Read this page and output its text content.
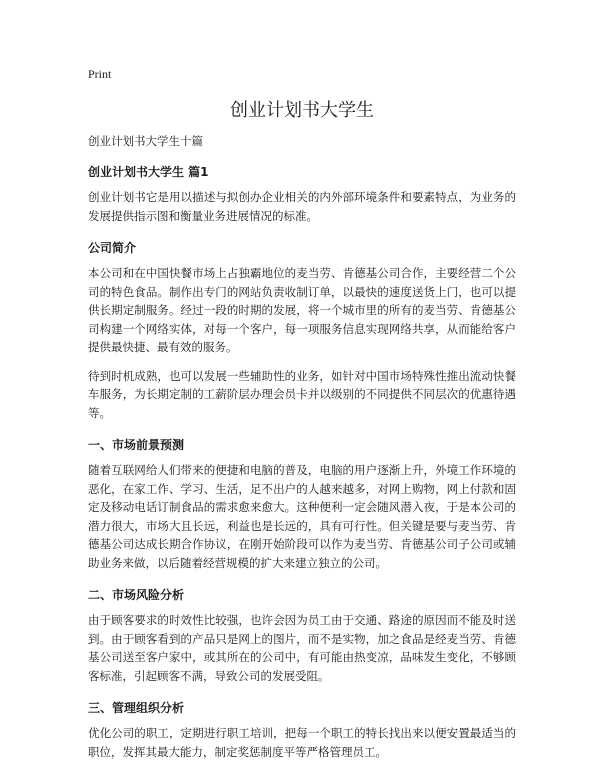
Print
创业计划书大学生
创业计划书大学生十篇
创业计划书大学生 篇1

创业计划书它是用以描述与拟创办企业相关的内外部环境条件和要素特点，为业务的发展提供指示图和衡量业务进展情况的标准。

公司简介

本公司和在中国快餐市场上占独霸地位的麦当劳、肯德基公司合作，主要经营二个公司的特色食品。制作出专门的网站负责收制订单，以最快的速度送货上门，也可以提供长期定制服务。经过一段的时期的发展，将一个城市里的所有的麦当劳、肯德基公司构建一个网络实体，对每一个客户，每一项服务信息实现网络共享，从而能给客户提供最快捷、最有效的服务。

待到时机成熟，也可以发展一些辅助性的业务，如针对中国市场特殊性推出流动快餐车服务，为长期定制的工薪阶层办理会员卡并以级别的不同提供不同层次的优惠待遇等。

一、市场前景预测

随着互联网给人们带来的便捷和电脑的普及，电脑的用户逐渐上升，外境工作环境的恶化，在家工作、学习、生活，足不出户的人越来越多，对网上购物，网上付款和固定及移动电话订制食品的需求愈来愈大。这种便利一定会随风潜入夜，于是本公司的潜力很大，市场大且长远，利益也是长远的，具有可行性。但关键是要与麦当劳、肯德基公司达成长期合作协议，在刚开始阶段可以作为麦当劳、肯德基公司子公司或辅助业务来做，以后随着经营规模的扩大来建立独立的公司。

二、市场风险分析

由于顾客要求的时效性比较强，也许会因为员工由于交通、路途的原因而不能及时送到。由于顾客看到的产品只是网上的图片，而不是实物，加之食品是经麦当劳、肯德基公司送至客户家中，或其所在的公司中，有可能由热变凉，品味发生变化，不够顾客标准，引起顾客不满，导致公司的发展受阻。

三、管理组织分析

优化公司的职工，定期进行职工培训，把每一个职工的特长找出来以便安置最适当的职位，发挥其最大能力，制定奖惩制度平等严格管理员工。
